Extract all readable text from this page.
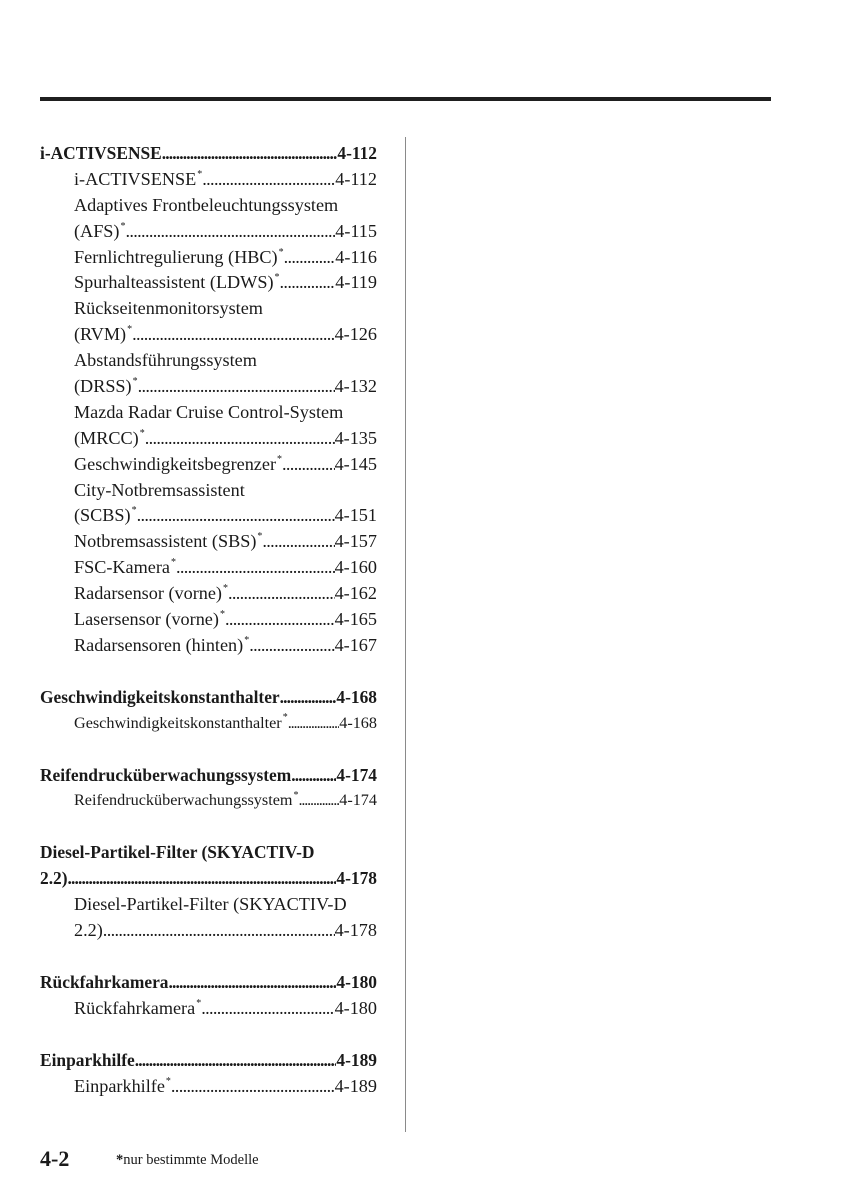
i-ACTIVSENSE . . .	4-112
i-ACTIVSENSE* . . .	4-112
Adaptives Frontbeleuchtungssystem
(AFS)* . . .	4-115
Fernlichtregulierung (HBC)* . . .	4-116
Spurhalteassistent (LDWS)* . . .	4-119
Rückseitenmonitorsystem
(RVM)* . . .	4-126
Abstandsführungssystem
(DRSS)* . . .	4-132
Mazda Radar Cruise Control-System
(MRCC)* . . .	4-135
Geschwindigkeitsbegrenzer* . . .	4-145
City-Notbremsassistent
(SCBS)* . . .	4-151
Notbremsassistent (SBS)* . . .	4-157
FSC-Kamera* . . .	4-160
Radarsensor (vorne)* . . .	4-162
Lasersensor (vorne)* . . .	4-165
Radarsensoren (hinten)* . . .	4-167
Geschwindigkeitskonstanthalter . . .	4-168
Geschwindigkeitskonstanthalter* . . .	4-168
Reifendrucküberwachungssystem . . .	4-174
Reifendrucküberwachungssystem* . . .	4-174
Diesel-Partikel-Filter (SKYACTIV-D
2.2) . . .	4-178
Diesel-Partikel-Filter (SKYACTIV-D
2.2) . . .	4-178
Rückfahrkamera . . .	4-180
Rückfahrkamera* . . .	4-180
Einparkhilfe . . .	4-189
Einparkhilfe* . . .	4-189
4-2	*nur bestimmte Modelle
